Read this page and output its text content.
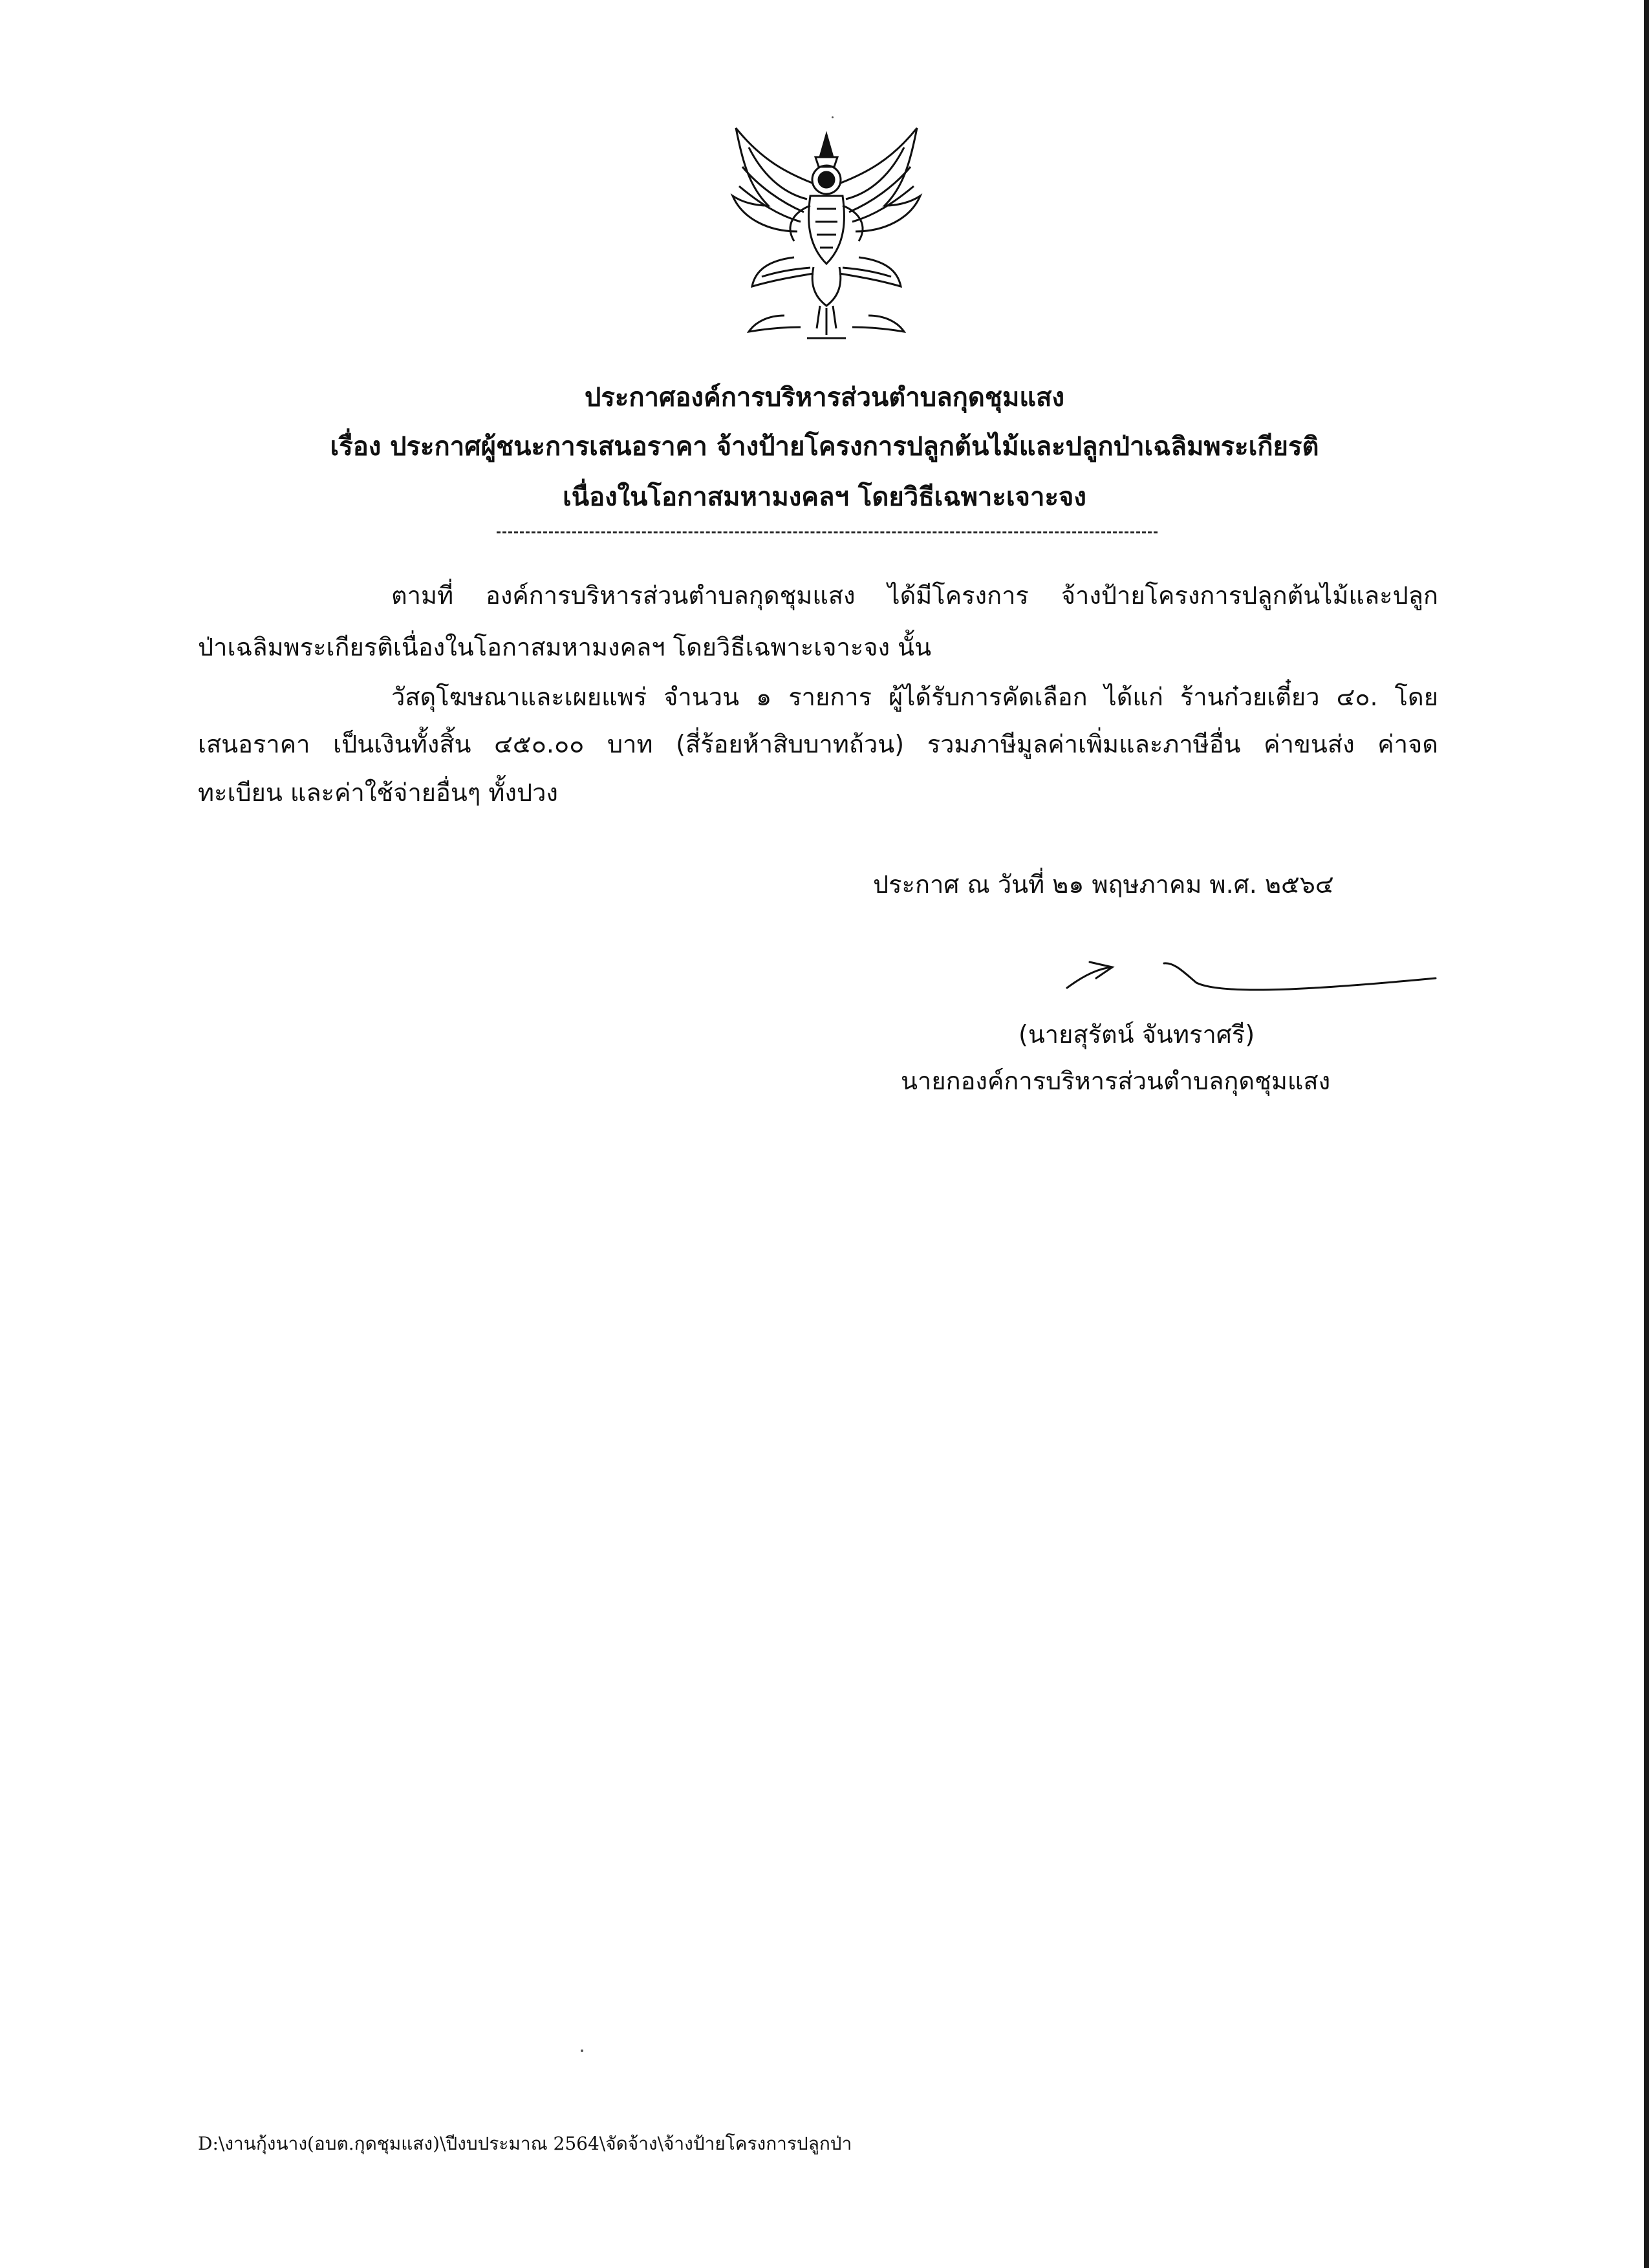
ประกาศองค์การบริหารส่วนตำบลกุดชุมแสง
เรื่อง ประกาศผู้ชนะการเสนอราคา จ้างป้ายโครงการปลูกต้นไม้และปลูกป่าเฉลิมพระเกียรติ
เนื่องในโอกาสมหามงคลฯ โดยวิธีเฉพาะเจาะจง
ตามที่ องค์การบริหารส่วนตำบลกุดชุมแสง ได้มีโครงการ จ้างป้ายโครงการปลูกต้นไม้และปลูก
ป่าเฉลิมพระเกียรติเนื่องในโอกาสมหามงคลฯ โดยวิธีเฉพาะเจาะจง นั้น
วัสดุโฆษณาและเผยแพร่ จำนวน ๑ รายการ ผู้ได้รับการคัดเลือก ได้แก่ ร้านก๋วยเตี๋ยว ๔๐. โดย
เสนอราคา เป็นเงินทั้งสิ้น ๔๕๐.๐๐ บาท (สี่ร้อยห้าสิบบาทถ้วน) รวมภาษีมูลค่าเพิ่มและภาษีอื่น ค่าขนส่ง ค่าจด
ทะเบียน และค่าใช้จ่ายอื่นๆ ทั้งปวง
ประกาศ ณ วันที่ ๒๑ พฤษภาคม พ.ศ. ๒๕๖๔
(นายสุรัตน์ จันทราศรี)
นายกองค์การบริหารส่วนตำบลกุดชุมแสง
D:\งานกุ้งนาง(อบต.กุดชุมแสง)\ปีงบประมาณ 2564\จัดจ้าง\จ้างป้ายโครงการปลูกป่า
